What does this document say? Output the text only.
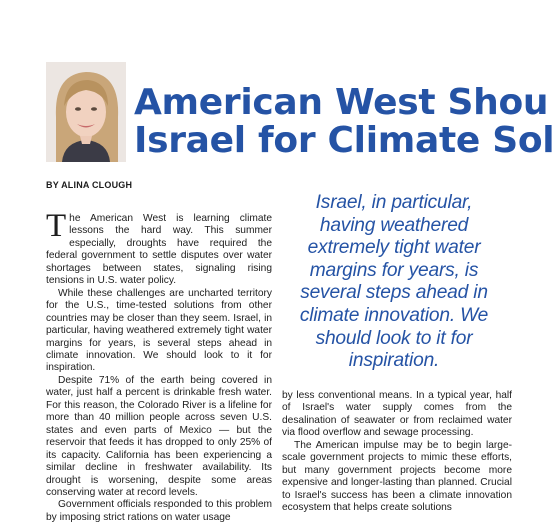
American West Shou
Israel for Climate Sol
BY ALINA CLOUGH

The American West is learning climate lessons the hard way. This summer especially, droughts have required the federal government to settle disputes over water shortages between states, signaling rising tensions in U.S. water policy.

While these challenges are uncharted territory for the U.S., time-tested solutions from other countries may be closer than they seem. Israel, in particular, having weathered extremely tight water margins for years, is several steps ahead in climate innovation. We should look to it for inspiration.

Despite 71% of the earth being covered in water, just half a percent is drinkable fresh water. For this reason, the Colorado River is a lifeline for more than 40 million people across seven U.S. states and even parts of Mexico — but the reservoir that feeds it has dropped to only 25% of its capacity. California has been experiencing a similar decline in freshwater availability. Its drought is worsening, despite some areas conserving water at record levels.

Government officials responded to this problem by imposing strict rations on water usage

Israel, in particular, having weathered extremely tight water margins for years, is several steps ahead in climate innovation. We should look to it for inspiration.

by less conventional means. In a typical year, half of Israel's water supply comes from the desalination of seawater or from reclaimed water via flood overflow and sewage processing.

The American impulse may be to begin large-scale government projects to mimic these efforts, but many government projects become more expensive and longer-lasting than planned. Crucial to Israel's success has been a climate innovation ecosystem that helps create solutions
